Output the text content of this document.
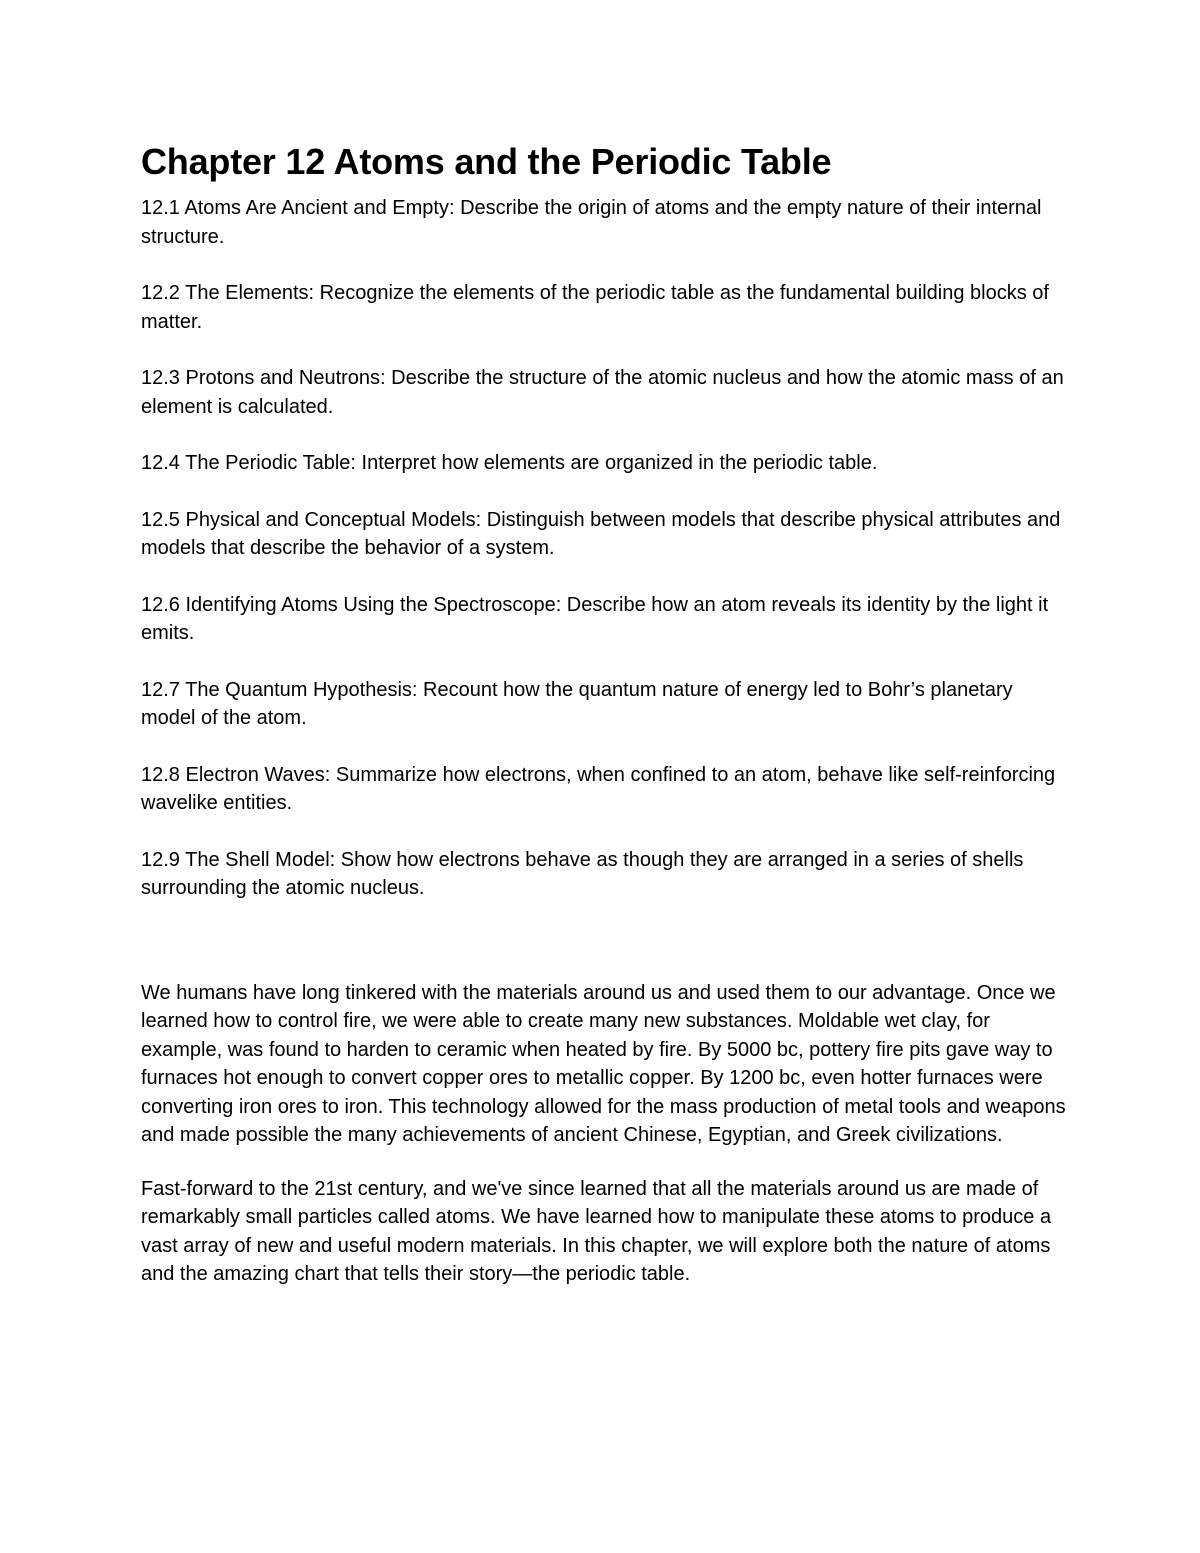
Chapter 12 Atoms and the Periodic Table

12.1 Atoms Are Ancient and Empty: Describe the origin of atoms and the empty nature of their internal structure.

12.2 The Elements: Recognize the elements of the periodic table as the fundamental building blocks of matter.

12.3 Protons and Neutrons: Describe the structure of the atomic nucleus and how the atomic mass of an element is calculated.

12.4 The Periodic Table: Interpret how elements are organized in the periodic table.

12.5 Physical and Conceptual Models: Distinguish between models that describe physical attributes and models that describe the behavior of a system.

12.6 Identifying Atoms Using the Spectroscope: Describe how an atom reveals its identity by the light it emits.

12.7 The Quantum Hypothesis: Recount how the quantum nature of energy led to Bohr’s planetary model of the atom.

12.8 Electron Waves: Summarize how electrons, when confined to an atom, behave like self-reinforcing wavelike entities.

12.9 The Shell Model: Show how electrons behave as though they are arranged in a series of shells surrounding the atomic nucleus.

We humans have long tinkered with the materials around us and used them to our advantage. Once we learned how to control fire, we were able to create many new substances. Moldable wet clay, for example, was found to harden to ceramic when heated by fire. By 5000 bc, pottery fire pits gave way to furnaces hot enough to convert copper ores to metallic copper. By 1200 bc, even hotter furnaces were converting iron ores to iron. This technology allowed for the mass production of metal tools and weapons and made possible the many achievements of ancient Chinese, Egyptian, and Greek civilizations.

Fast-forward to the 21st century, and we've since learned that all the materials around us are made of remarkably small particles called atoms. We have learned how to manipulate these atoms to produce a vast array of new and useful modern materials. In this chapter, we will explore both the nature of atoms and the amazing chart that tells their story—the periodic table.
